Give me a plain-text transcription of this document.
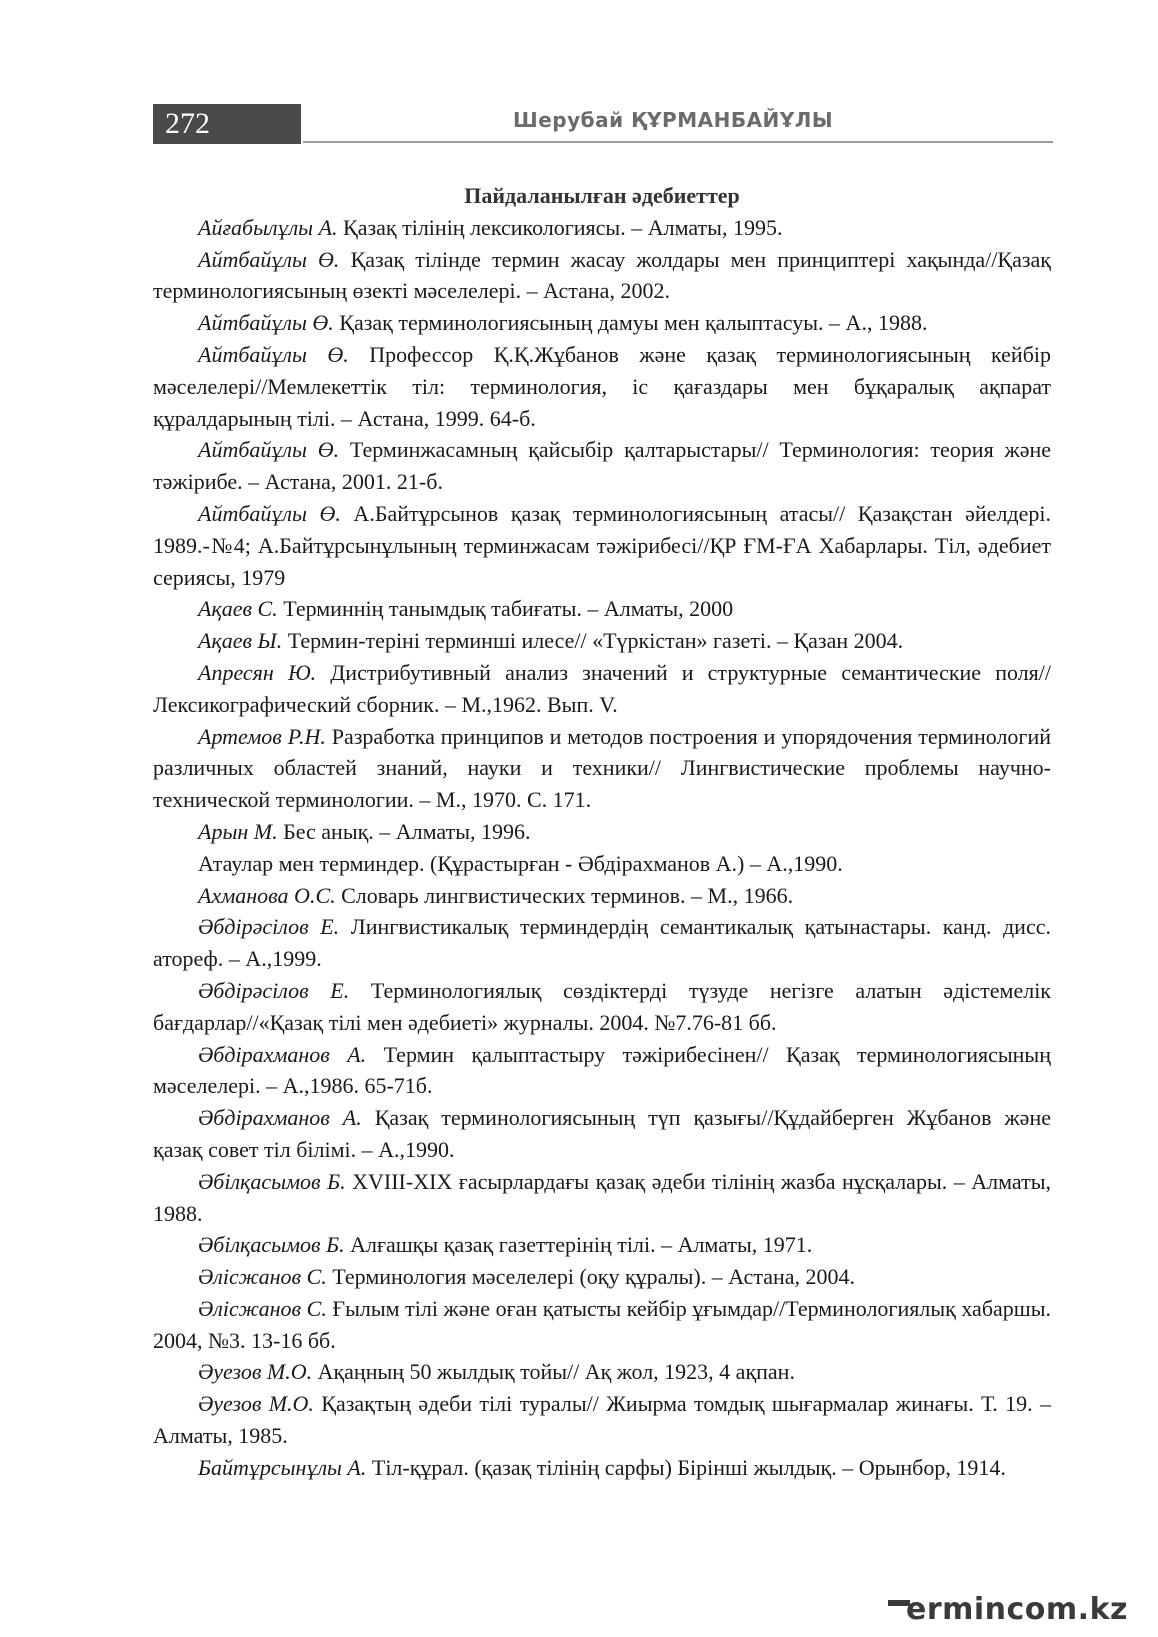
272	Шерубай ҚҰРМАНБАЙҰЛЫ

Пайдаланылған әдебиеттер

Айғабылұлы А. Қазақ тілінің лексикологиясы. – Алматы, 1995.

Айтбайұлы Ө. Қазақ тілінде термин жасау жолдары мен принциптері хақында//Қазақ терминологиясының өзекті мәселелері. – Астана, 2002.

Айтбайұлы Ө. Қазақ терминологиясының дамуы мен қалыптасуы. – А., 1988.

Айтбайұлы Ө. Профессор Қ.Қ.Жұбанов және қазақ терминологиясының кейбір мәселелері//Мемлекеттік тіл: терминология, іс қағаздары мен бұқаралық ақпарат құралдарының тілі. – Астана, 1999. 64-б.

Айтбайұлы Ө. Терминжасамның қайсыбір қалтарыстары// Терминология: теория және тәжірибе. – Астана, 2001. 21-б.

Айтбайұлы Ө. А.Байтұрсынов қазақ терминологиясының атасы// Қазақстан әйелдері. 1989.-№4; А.Байтұрсынұлының терминжасам тәжірибесі//ҚР ҒМ-ҒА Хабарлары. Тіл, әдебиет сериясы, 1979

Ақаев С. Терминнің танымдық табиғаты. – Алматы, 2000

Ақаев Ы. Термин-теріні терминші илесе// «Түркістан» газеті. – Қазан 2004.

Апресян Ю. Дистрибутивный анализ значений и структурные семантические поля// Лексикографический сборник. – М.,1962. Вып. V.

Артемов Р.Н. Разработка принципов и методов построения и упорядочения терминологий различных областей знаний, науки и техники// Лингвистические проблемы научно-технической терминологии. – М., 1970. С. 171.

Арын М. Бес анық. – Алматы, 1996.

Атаулар мен терминдер. (Құрастырған - Әбдірахманов А.) – А.,1990.

Ахманова О.С. Словарь лингвистических терминов. – М., 1966.

Әбдірәсілов Е. Лингвистикалық терминдердің семантикалық қатынастары. канд. дисс. атореф. – А.,1999.

Әбдірәсілов Е. Терминологиялық сөздіктерді түзуде негізге алатын әдістемелік бағдарлар//«Қазақ тілі мен әдебиеті» журналы. 2004. №7.76-81 бб.

Әбдірахманов А. Термин қалыптастыру тәжірибесінен// Қазақ терминологиясының мәселелері. – А.,1986. 65-71б.

Әбдірахманов А. Қазақ терминологиясының түп қазығы//Құдайберген Жұбанов және қазақ совет тіл білімі. – А.,1990.

Әбілқасымов Б. XVIII-XIX ғасырлардағы қазақ әдеби тілінің жазба нұсқалары. – Алматы, 1988.

Әбілқасымов Б. Алғашқы қазақ газеттерінің тілі. – Алматы, 1971.

Әлісжанов С. Терминология мәселелері (оқу құралы). – Астана, 2004.

Әлісжанов С. Ғылым тілі және оған қатысты кейбір ұғымдар//Терминологиялық хабаршы. 2004, №3. 13-16 бб.

Әуезов М.О. Ақаңның 50 жылдық тойы// Ақ жол, 1923, 4 ақпан.

Әуезов М.О. Қазақтың әдеби тілі туралы// Жиырма томдық шығармалар жинағы. Т. 19. – Алматы, 1985.

Байтұрсынұлы А. Тіл-құрал. (қазақ тілінің сарфы) Бірінші жылдық. – Орынбор, 1914.

ermincom.kz
